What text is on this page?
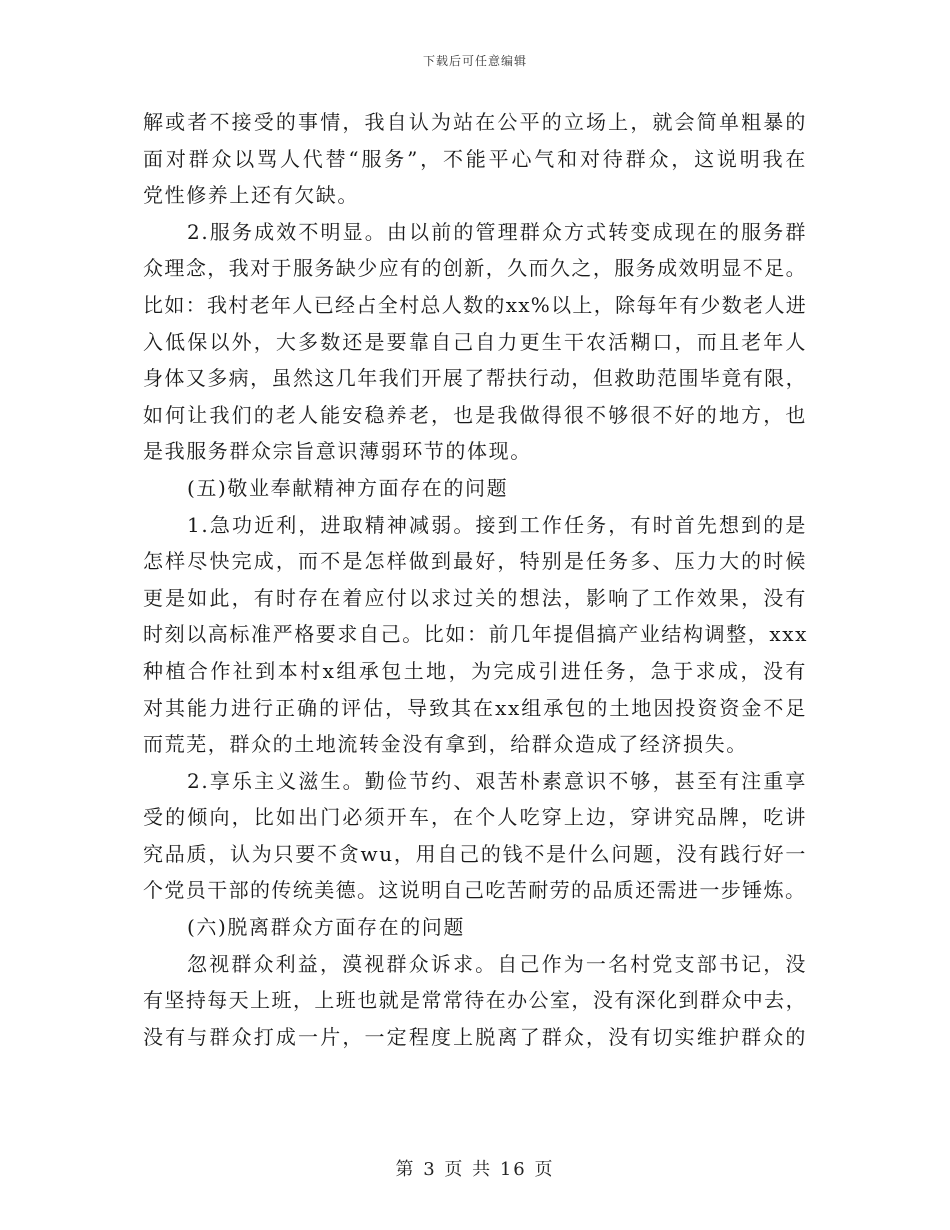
下载后可任意编辑
解或者不接受的事情，我自认为站在公平的立场上，就会简单粗暴的
面对群众以骂人代替“服务”，不能平心气和对待群众，这说明我在
党性修养上还有欠缺。
2.服务成效不明显。由以前的管理群众方式转变成现在的服务群
众理念，我对于服务缺少应有的创新，久而久之，服务成效明显不足。
比如：我村老年人已经占全村总人数的xx%以上，除每年有少数老人进
入低保以外，大多数还是要靠自己自力更生干农活糊口，而且老年人
身体又多病，虽然这几年我们开展了帮扶行动，但救助范围毕竟有限，
如何让我们的老人能安稳养老，也是我做得很不够很不好的地方，也
是我服务群众宗旨意识薄弱环节的体现。
(五)敬业奉献精神方面存在的问题
1.急功近利，进取精神减弱。接到工作任务，有时首先想到的是
怎样尽快完成，而不是怎样做到最好，特别是任务多、压力大的时候
更是如此，有时存在着应付以求过关的想法，影响了工作效果，没有
时刻以高标准严格要求自己。比如：前几年提倡搞产业结构调整，xxx
种植合作社到本村x组承包土地，为完成引进任务，急于求成，没有
对其能力进行正确的评估，导致其在xx组承包的土地因投资资金不足
而荒芜，群众的土地流转金没有拿到，给群众造成了经济损失。
2.享乐主义滋生。勤俭节约、艰苦朴素意识不够，甚至有注重享
受的倾向，比如出门必须开车，在个人吃穿上边，穿讲究品牌，吃讲
究品质，认为只要不贪wu，用自己的钱不是什么问题，没有践行好一
个党员干部的传统美德。这说明自己吃苦耐劳的品质还需进一步锤炼。
(六)脱离群众方面存在的问题
忽视群众利益，漠视群众诉求。自己作为一名村党支部书记，没
有坚持每天上班，上班也就是常常待在办公室，没有深化到群众中去，
没有与群众打成一片，一定程度上脱离了群众，没有切实维护群众的
第 3 页 共 16 页
